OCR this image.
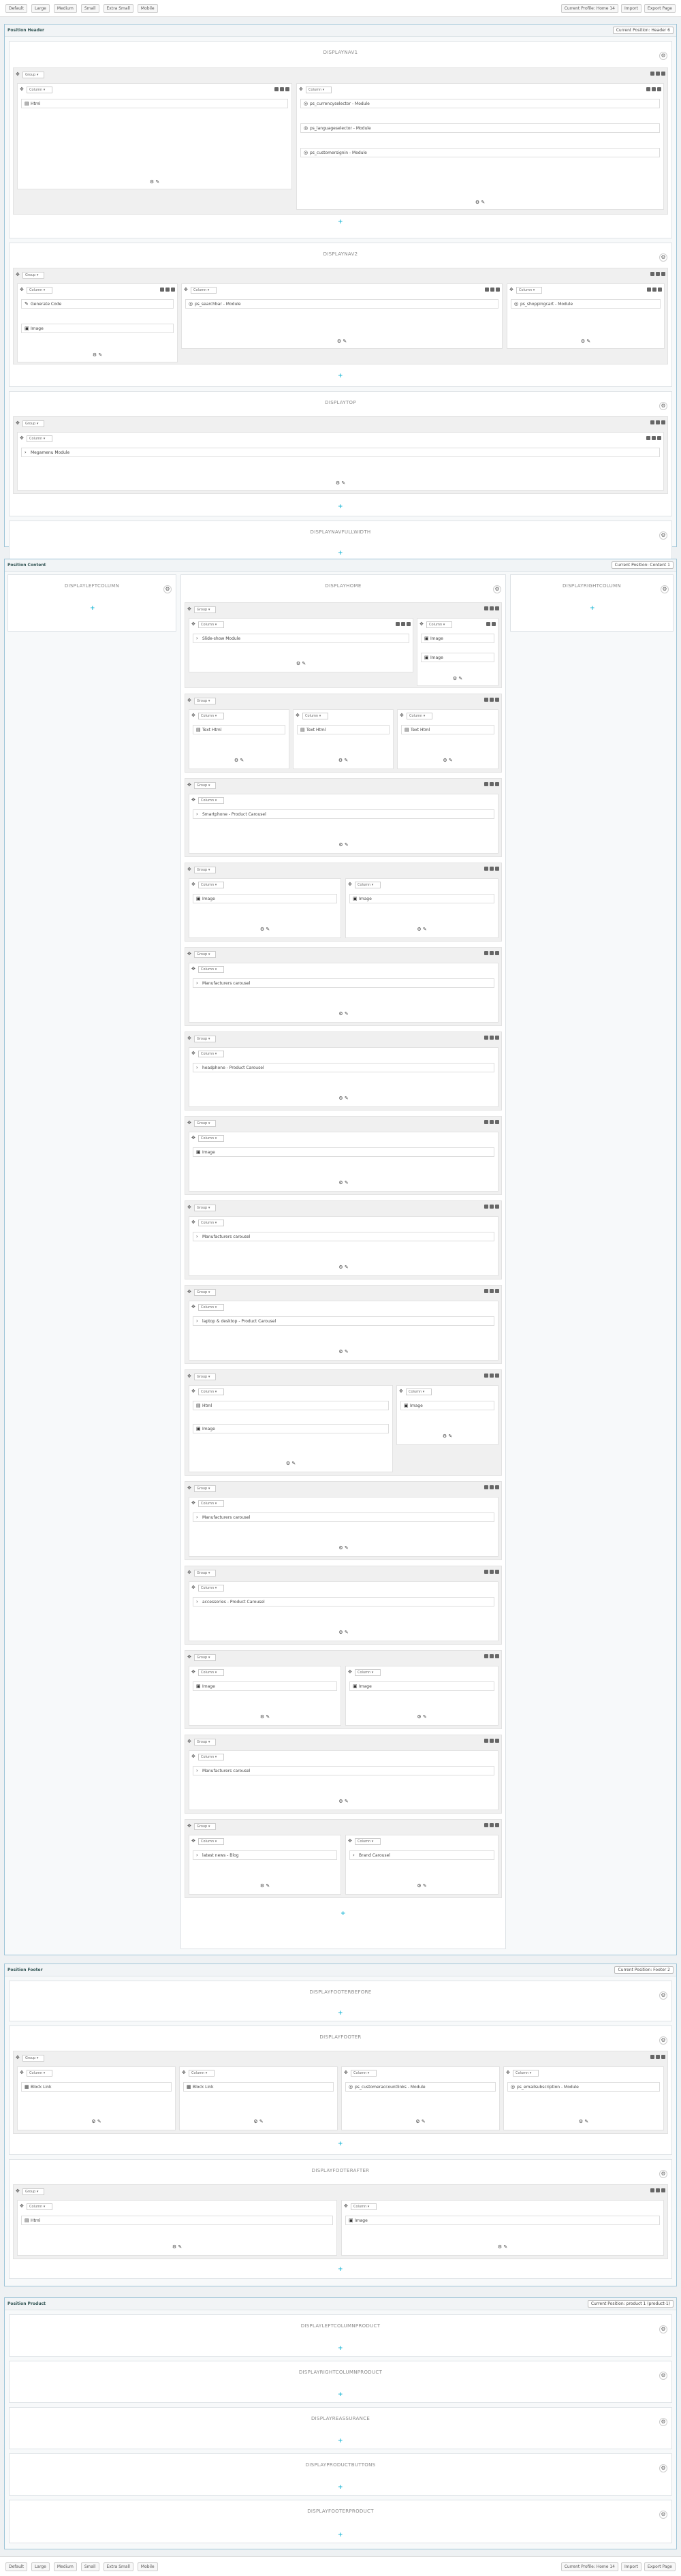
Default	Large	Medium	Small	Extra Small	Mobile	Current Profile: Home 14	Import	Export Page
Position Header	Current Position: Header 6
DISPLAYNAV1	⚙
✥	Group ▾
✥	Column ▾
▤ Html
⚙ ✎
✥	Column ▾
◎ ps_currencyselector - Module
◎ ps_languageselector - Module
◎ ps_customersignin - Module
⚙ ✎
+
DISPLAYNAV2	⚙
✥	Group ▾
✥	Column ▾
✎ Generate Code
▣ Image
⚙ ✎
✥	Column ▾
◎ ps_searchbar - Module
⚙ ✎
✥	Column ▾
◎ ps_shoppingcart - Module
⚙ ✎
+
DISPLAYTOP	⚙
✥	Group ▾
✥	Column ▾
› Megamenu Module
⚙ ✎
+
DISPLAYNAVFULLWIDTH	⚙
+
Position Content	Current Position: Content 1
DISPLAYLEFTCOLUMN	⚙
+
DISPLAYRIGHTCOLUMN	⚙
+
DISPLAYHOME	⚙
✥	Group ▾
✥	Column ▾
› Slide-show Module
⚙ ✎
✥	Column ▾
▣ Image
▣ Image
⚙ ✎
✥	Group ▾
✥	Column ▾
▤ Text Html
⚙ ✎
✥	Column ▾
▤ Text Html
⚙ ✎
✥	Column ▾
▤ Text Html
⚙ ✎
✥	Group ▾
✥	Column ▾
› Smartphone - Product Carousel
⚙ ✎
✥	Group ▾
✥	Column ▾
▣ Image
⚙ ✎
✥	Column ▾
▣ Image
⚙ ✎
✥	Group ▾
✥	Column ▾
› Manufacturers carousel
⚙ ✎
✥	Group ▾
✥	Column ▾
› headphone - Product Carousel
⚙ ✎
✥	Group ▾
✥	Column ▾
▣ Image
⚙ ✎
✥	Group ▾
✥	Column ▾
› Manufacturers carousel
⚙ ✎
✥	Group ▾
✥	Column ▾
› laptop & desktop - Product Carousel
⚙ ✎
✥	Group ▾
✥	Column ▾
▤ Html
▣ Image
⚙ ✎
✥	Column ▾
▣ Image
⚙ ✎
✥	Group ▾
✥	Column ▾
› Manufacturers carousel
⚙ ✎
✥	Group ▾
✥	Column ▾
› accessories - Product Carousel
⚙ ✎
✥	Group ▾
✥	Column ▾
▣ Image
⚙ ✎
✥	Column ▾
▣ Image
⚙ ✎
✥	Group ▾
✥	Column ▾
› Manufacturers carousel
⚙ ✎
✥	Group ▾
✥	Column ▾
› latest news - Blog
⚙ ✎
✥	Column ▾
› Brand Carousel
⚙ ✎
+
Position Footer	Current Position: Footer 2
DISPLAYFOOTERBEFORE	⚙
+
DISPLAYFOOTER	⚙
✥	Group ▾
✥	Column ▾
▦ Block Link
⚙ ✎
✥	Column ▾
▦ Block Link
⚙ ✎
✥	Column ▾
◎ ps_customeraccountlinks - Module
⚙ ✎
✥	Column ▾
◎ ps_emailsubscription - Module
⚙ ✎
+
DISPLAYFOOTERAFTER	⚙
✥	Group ▾
✥	Column ▾
▤ Html
⚙ ✎
✥	Column ▾
▣ Image
⚙ ✎
+
Position Product	Current Position: product 1 (product-1)
DISPLAYLEFTCOLUMNPRODUCT	⚙
+
DISPLAYRIGHTCOLUMNPRODUCT	⚙
+
DISPLAYREASSURANCE	⚙
+
DISPLAYPRODUCTBUTTONS	⚙
+
DISPLAYFOOTERPRODUCT	⚙
+
Default	Large	Medium	Small	Extra Small	Mobile	Current Profile: Home 14	Import	Export Page
